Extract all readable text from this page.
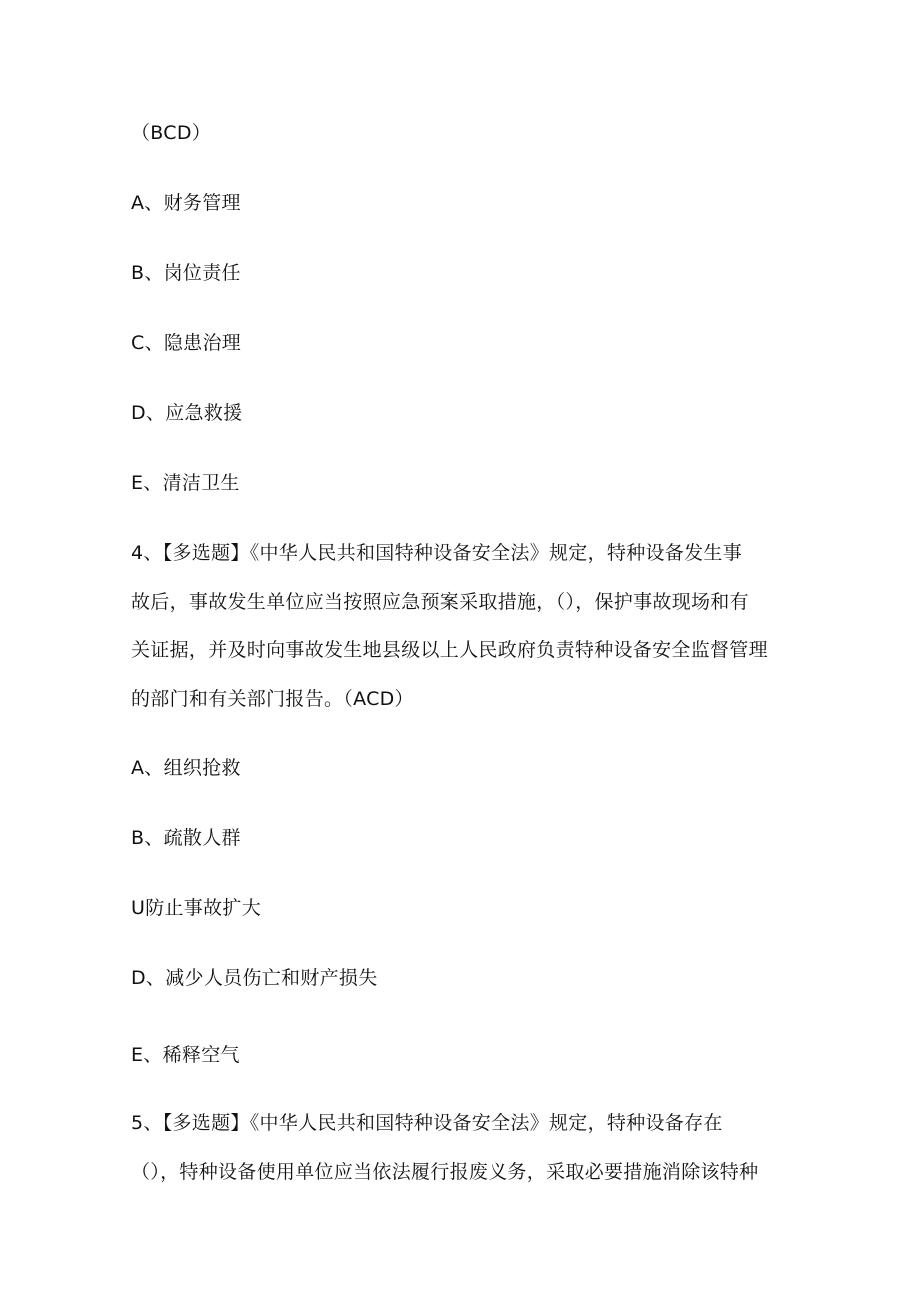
（BCD）
A、财务管理
B、岗位责任
C、隐患治理
D、应急救援
E、清洁卫生
4、【多选题】《中华人民共和国特种设备安全法》规定，特种设备发生事
故后，事故发生单位应当按照应急预案采取措施，（），保护事故现场和有
关证据，并及时向事故发生地县级以上人民政府负责特种设备安全监督管理
的部门和有关部门报告。（ACD）
A、组织抢救
B、疏散人群
U防止事故扩大
D、减少人员伤亡和财产损失
E、稀释空气
5、【多选题】《中华人民共和国特种设备安全法》规定，特种设备存在
（），特种设备使用单位应当依法履行报废义务，采取必要措施消除该特种
